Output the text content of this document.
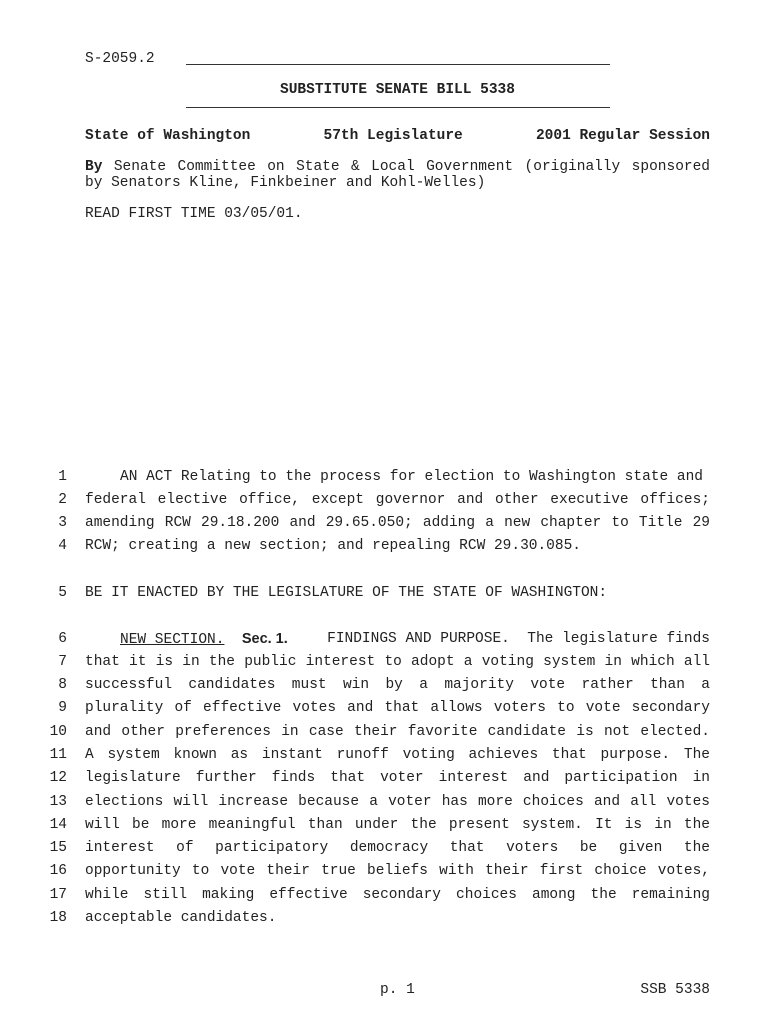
S-2059.2
SUBSTITUTE SENATE BILL 5338
State of Washington	57th Legislature	2001 Regular Session
By Senate Committee on State & Local Government (originally sponsored
by Senators Kline, Finkbeiner and Kohl-Welles)
READ FIRST TIME 03/05/01.
1
2
3
4
AN ACT Relating to the process for election to Washington state and
federal elective office, except governor and other executive offices;
amending RCW 29.18.200 and 29.65.050; adding a new chapter to Title 29
RCW; creating a new section; and repealing RCW 29.30.085.
5 BE IT ENACTED BY THE LEGISLATURE OF THE STATE OF WASHINGTON:
6
7
8
9
10
11
12
13
14
15
16
17
18
NEW SECTION. Sec. 1.	FINDINGS AND PURPOSE.  The legislature finds
that it is in the public interest to adopt a voting system in which all
successful candidates must win by a majority vote rather than a
plurality of effective votes and that allows voters to vote secondary
and other preferences in case their favorite candidate is not elected.
A system known as instant runoff voting achieves that purpose. The
legislature further finds that voter interest and participation in
elections will increase because a voter has more choices and all votes
will be more meaningful than under the present system. It is in the
interest of participatory democracy that voters be given the
opportunity to vote their true beliefs with their first choice votes,
while still making effective secondary choices among the remaining
acceptable candidates.
p. 1	SSB 5338
